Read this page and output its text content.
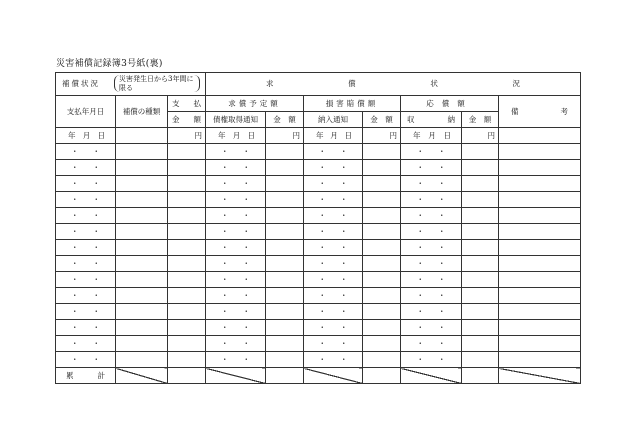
災害補償記録簿3号紙(裏)
補償状況 災害発生日から3年間に限る			求 償 状 況						

支払年月日	補償の種類	支 払	求償予定額		損害賠償額		応償額		備 考

		金 額	債権取得通知	金　額	納入通知	金　額	収 納	金　額	

年 月 日		円	年 月 日	円	年 月 日	円	年 月 日	円	

・ ・			・ ・		・ ・		・ ・		

・ ・			・ ・		・ ・		・ ・		

・ ・			・ ・		・ ・		・ ・		

・ ・			・ ・		・ ・		・ ・		

・ ・			・ ・		・ ・		・ ・		

・ ・			・ ・		・ ・		・ ・		

・ ・			・ ・		・ ・		・ ・		

・ ・			・ ・		・ ・		・ ・		

・ ・			・ ・		・ ・		・ ・		

・ ・			・ ・		・ ・		・ ・		

・ ・			・ ・		・ ・		・ ・		

・ ・			・ ・		・ ・		・ ・		

・ ・			・ ・		・ ・		・ ・		

・ ・			・ ・		・ ・		・ ・		

累 計									
